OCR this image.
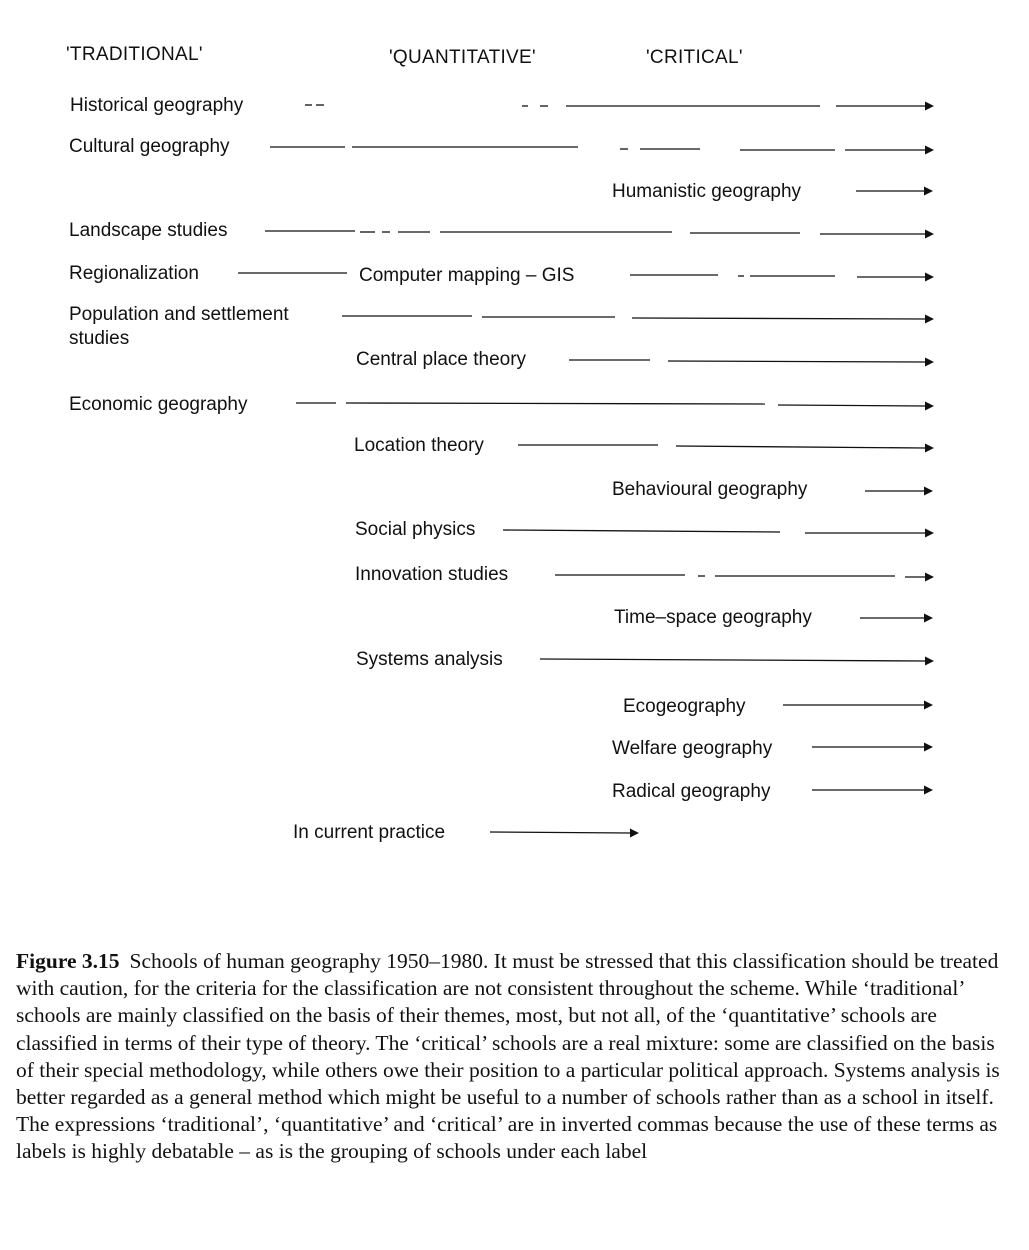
'TRADITIONAL'	'QUANTITATIVE'	'CRITICAL'
Historical geography
Cultural geography
Humanistic geography
Landscape studies
Regionalization	Computer mapping – GIS
Population and settlement
studies
Central place theory
Economic geography
Location theory
Behavioural geography
Social physics
Innovation studies
Time–space geography
Systems analysis
Ecogeography
Welfare geography
Radical geography
In current practice

Figure 3.15 Schools of human geography 1950–1980. It must be stressed that this classification should be treated with caution, for the criteria for the classification are not consistent throughout the scheme. While ‘traditional’ schools are mainly classified on the basis of their themes, most, but not all, of the ‘quantitative’ schools are classified in terms of their type of theory. The ‘critical’ schools are a real mixture: some are classified on the basis of their special methodology, while others owe their position to a particular political approach. Systems analysis is better regarded as a general method which might be useful to a number of schools rather than as a school in itself. The expressions ‘traditional’, ‘quantitative’ and ‘critical’ are in inverted commas because the use of these terms as labels is highly debatable – as is the grouping of schools under each label
